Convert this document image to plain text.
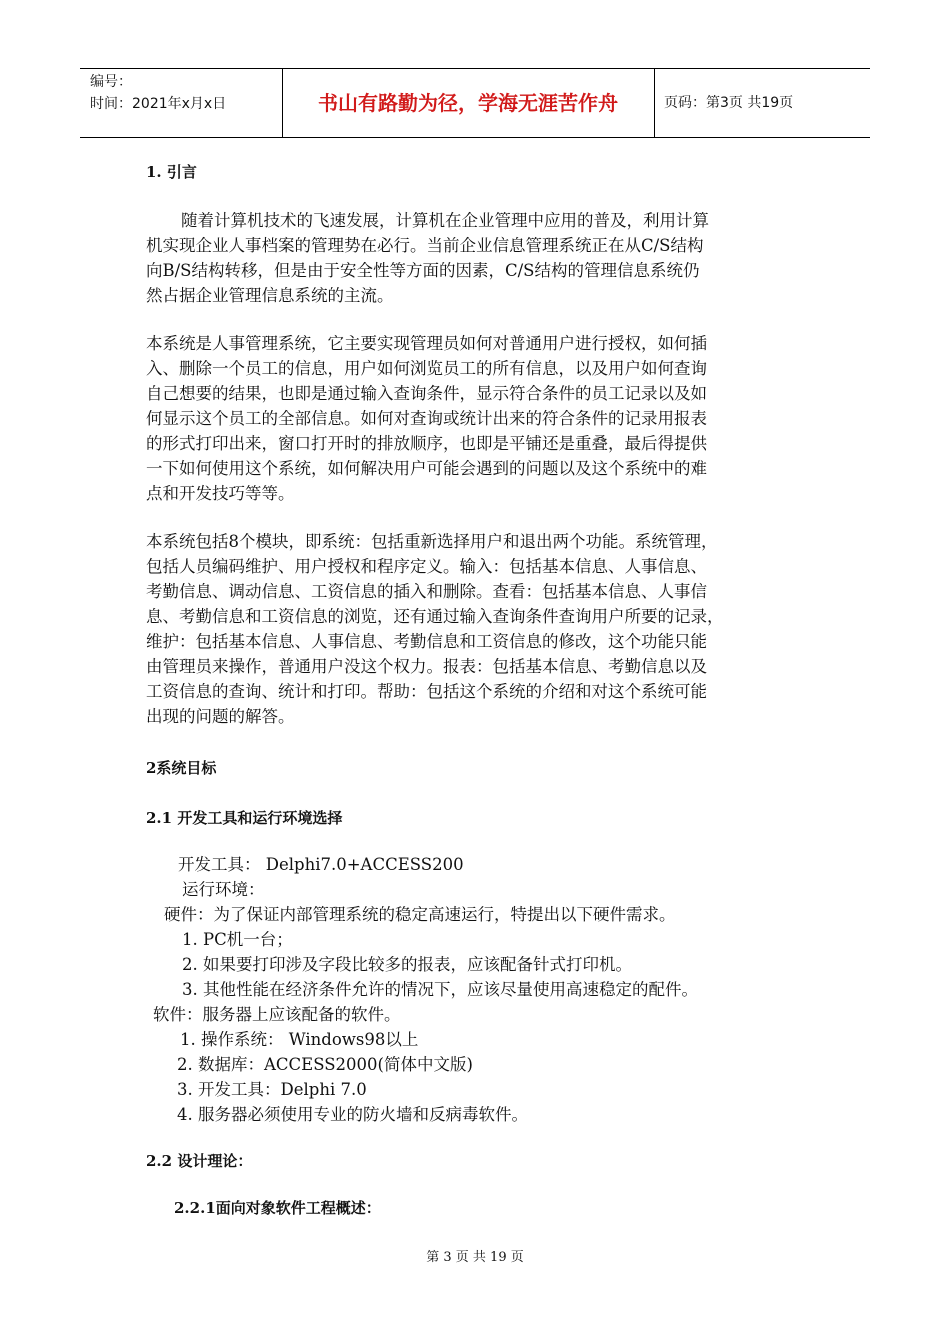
编号：
时间：2021年x月x日	书山有路勤为径，学海无涯苦作舟	页码：第3页 共19页
1. 引言
随着计算机技术的飞速发展，计算机在企业管理中应用的普及，利用计算
机实现企业人事档案的管理势在必行。当前企业信息管理系统正在从C/S结构
向B/S结构转移，但是由于安全性等方面的因素，C/S结构的管理信息系统仍
然占据企业管理信息系统的主流。
本系统是人事管理系统，它主要实现管理员如何对普通用户进行授权，如何插
入、删除一个员工的信息，用户如何浏览员工的所有信息，以及用户如何查询
自己想要的结果，也即是通过输入查询条件，显示符合条件的员工记录以及如
何显示这个员工的全部信息。如何对查询或统计出来的符合条件的记录用报表
的形式打印出来，窗口打开时的排放顺序，也即是平铺还是重叠，最后得提供
一下如何使用这个系统，如何解决用户可能会遇到的问题以及这个系统中的难
点和开发技巧等等。
本系统包括8个模块，即系统：包括重新选择用户和退出两个功能。系统管理，
包括人员编码维护、用户授权和程序定义。输入：包括基本信息、人事信息、
考勤信息、调动信息、工资信息的插入和删除。查看：包括基本信息、人事信
息、考勤信息和工资信息的浏览，还有通过输入查询条件查询用户所要的记录，
维护：包括基本信息、人事信息、考勤信息和工资信息的修改，这个功能只能
由管理员来操作，普通用户没这个权力。报表：包括基本信息、考勤信息以及
工资信息的查询、统计和打印。帮助：包括这个系统的介绍和对这个系统可能
出现的问题的解答。
2系统目标
2.1 开发工具和运行环境选择
开发工具： Delphi7.0+ACCESS200
运行环境：
硬件：为了保证内部管理系统的稳定高速运行，特提出以下硬件需求。
1. PC机一台；
2. 如果要打印涉及字段比较多的报表，应该配备针式打印机。
3. 其他性能在经济条件允许的情况下，应该尽量使用高速稳定的配件。
软件：服务器上应该配备的软件。
1. 操作系统： Windows98以上
2. 数据库：ACCESS2000(简体中文版)
3. 开发工具：Delphi 7.0
4. 服务器必须使用专业的防火墙和反病毒软件。
2.2 设计理论：
2.2.1面向对象软件工程概述：
第 3 页 共 19 页
